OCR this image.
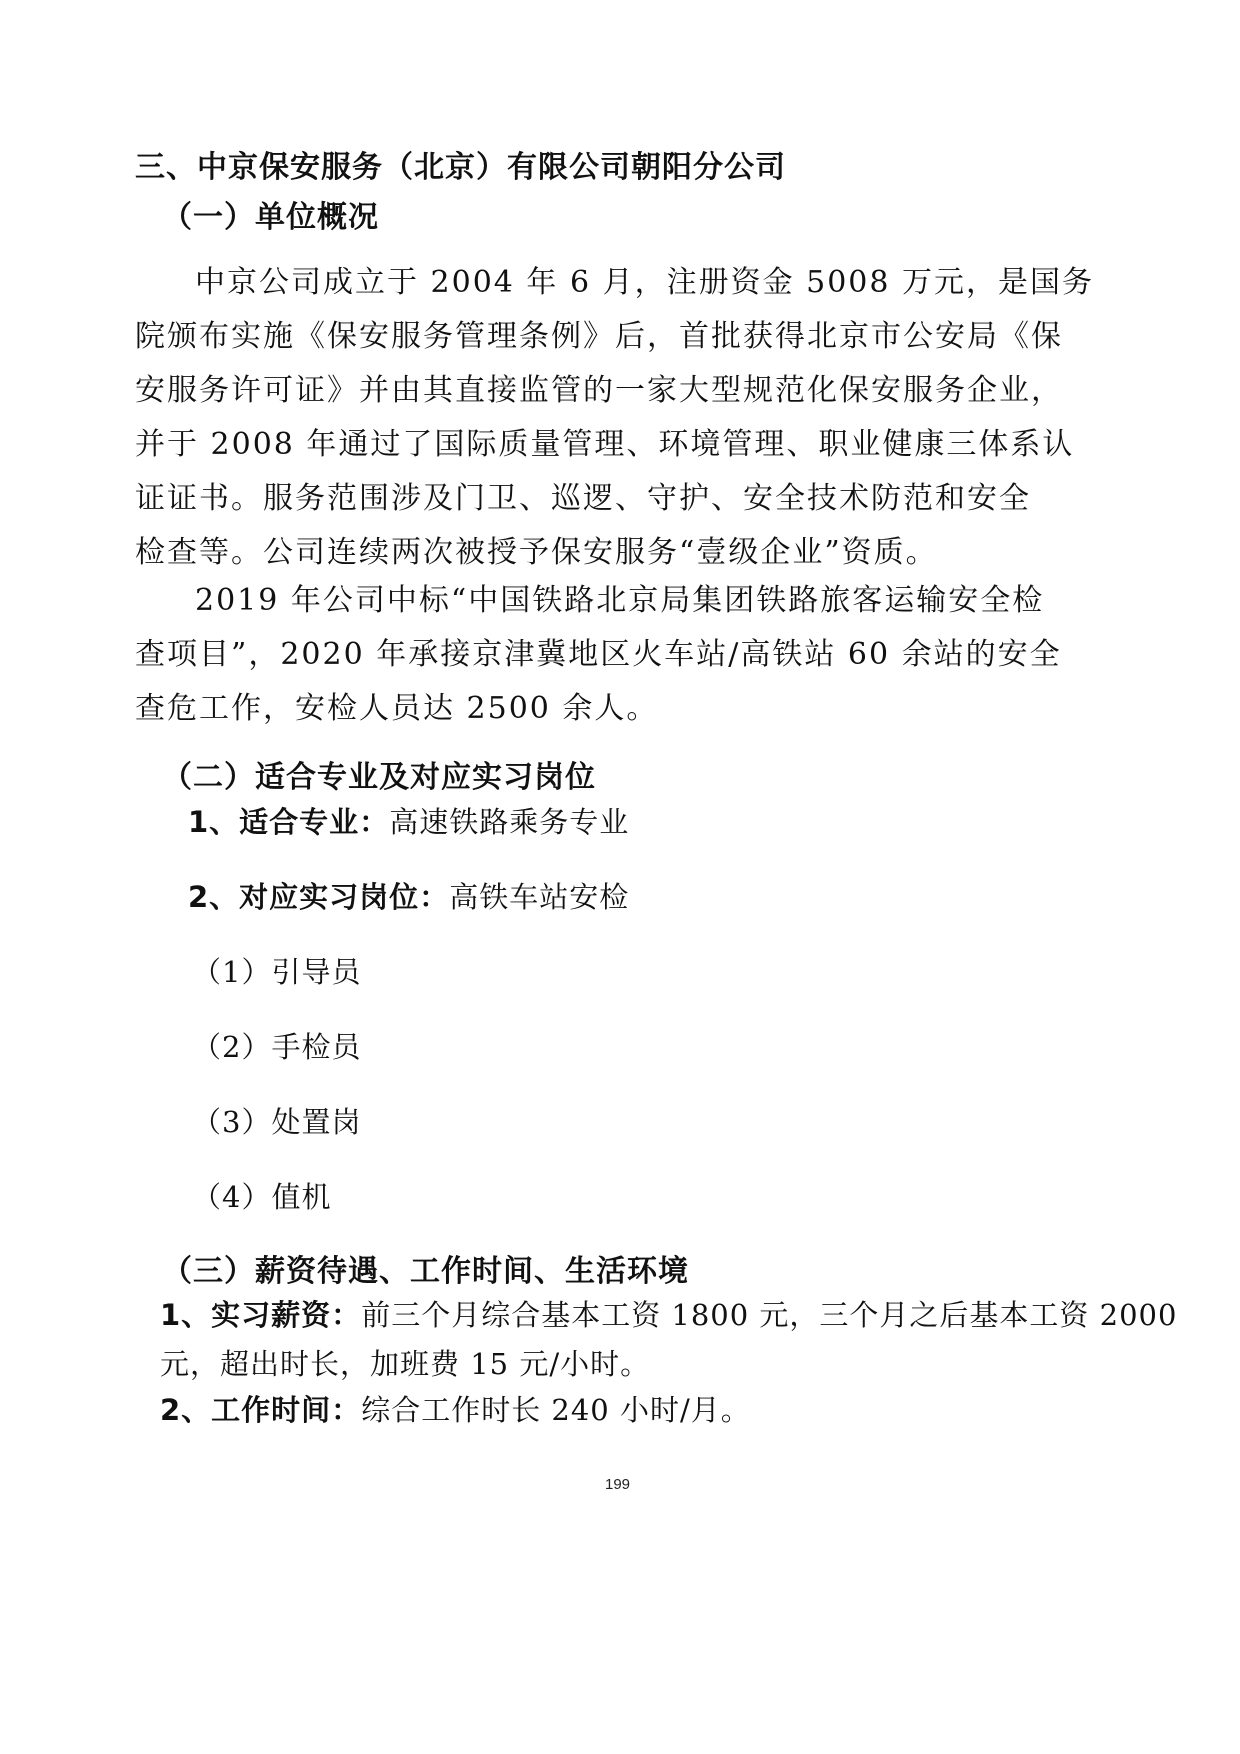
三、中京保安服务（北京）有限公司朝阳分公司
（一）单位概况
中京公司成立于 2004 年 6 月，注册资金 5008 万元，是国务
院颁布实施《保安服务管理条例》后，首批获得北京市公安局《保
安服务许可证》并由其直接监管的一家大型规范化保安服务企业，
并于 2008 年通过了国际质量管理、环境管理、职业健康三体系认
证证书。服务范围涉及门卫、巡逻、守护、安全技术防范和安全
检查等。公司连续两次被授予保安服务“壹级企业”资质。
2019 年公司中标“中国铁路北京局集团铁路旅客运输安全检
查项目”，2020 年承接京津冀地区火车站/高铁站 60 余站的安全
查危工作，安检人员达 2500 余人。
（二）适合专业及对应实习岗位
1、适合专业：高速铁路乘务专业
2、对应实习岗位：高铁车站安检
（1）引导员
（2）手检员
（3）处置岗
（4）值机
（三）薪资待遇、工作时间、生活环境
1、实习薪资：前三个月综合基本工资 1800 元，三个月之后基本工资 2000
元，超出时长，加班费 15 元/小时。
2、工作时间：综合工作时长 240 小时/月。
199
